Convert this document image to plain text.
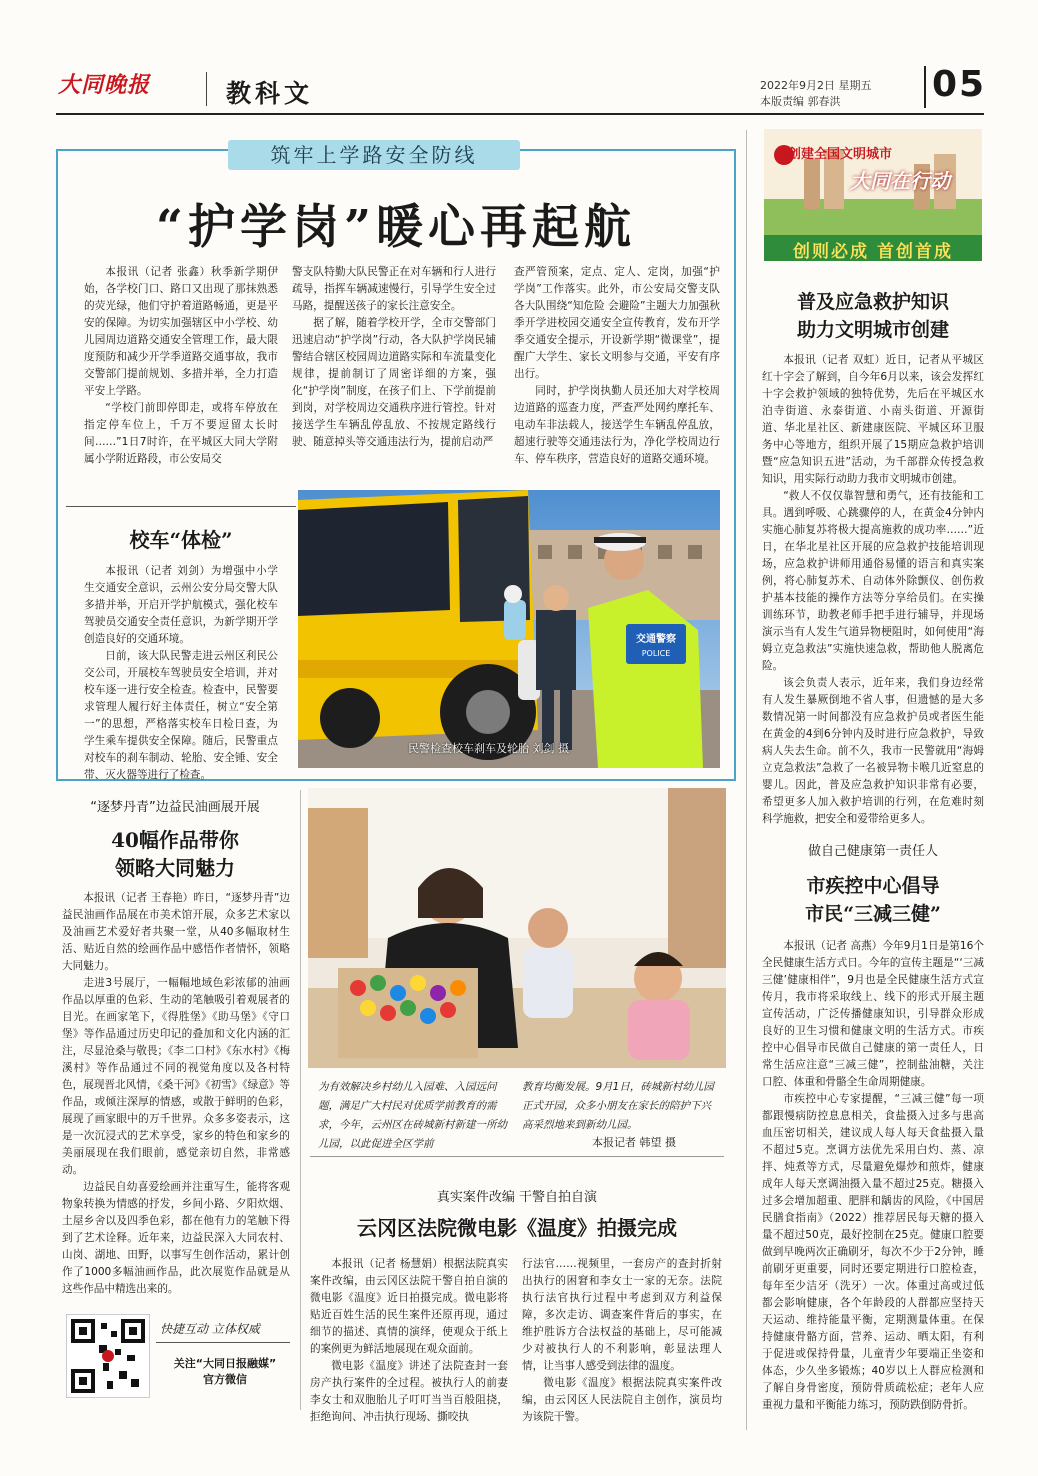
大同晚报	教科文	2022年9月2日 星期五
本版责编 郭春洪	05
筑牢上学路安全防线
“护学岗”暖心再起航

本报讯（记者 张鑫）秋季新学期伊始，各学校门口、路口又出现了那抹熟悉的荧光绿，他们守护着道路畅通，更是平安的保障。为切实加强辖区中小学校、幼儿园周边道路交通安全管理工作，最大限度预防和减少开学季道路交通事故，我市交警部门提前规划、多措并举，全力打造平安上学路。

“学校门前即停即走，或将车停放在指定停车位上，千万不要逗留太长时间……”1日7时许，在平城区大同大学附属小学附近路段，市公安局交

警支队特勤大队民警正在对车辆和行人进行疏导，指挥车辆减速慢行，引导学生安全过马路，提醒送孩子的家长注意安全。

据了解，随着学校开学，全市交警部门迅速启动“护学岗”行动，各大队护学岗民辅警结合辖区校园周边道路实际和车流量变化规律，提前制订了周密详细的方案，强化“护学岗”制度，在孩子们上、下学前提前到岗，对学校周边交通秩序进行管控。针对接送学生车辆乱停乱放、不按规定路线行驶、随意掉头等交通违法行为，提前启动严

查严管预案，定点、定人、定岗，加强“护学岗”工作落实。此外，市公安局交警支队各大队围绕“知危险 会避险”主题大力加强秋季开学进校园交通安全宣传教育，发布开学季交通安全提示，开设新学期“微课堂”，提醒广大学生、家长文明参与交通，平安有序出行。

同时，护学岗执勤人员还加大对学校周边道路的巡查力度，严查严处网约摩托车、电动车非法载人，接送学生车辆乱停乱放，超速行驶等交通违法行为，净化学校周边行车、停车秩序，营造良好的道路交通环境。

校车“体检”

本报讯（记者 刘剑）为增强中小学生交通安全意识，云州公安分局交警大队多措并举，开启开学护航模式，强化校车驾驶员交通安全责任意识，为新学期开学创造良好的交通环境。

日前，该大队民警走进云州区利民公交公司，开展校车驾驶员安全培训，并对校车逐一进行安全检查。检查中，民警要求管理人履行好主体责任，树立“安全第一”的思想，严格落实校车日检日查，为学生乘车提供安全保障。随后，民警重点对校车的刹车制动、轮胎、安全锤、安全带、灭火器等进行了检查。

交通警察
POLICE
民警检查校车刹车及轮胎 刘剑 摄
创建全国文明城市
大同在行动
创则必成 首创首成
普及应急救护知识
助力文明城市创建

本报讯（记者 双虹）近日，记者从平城区红十字会了解到，自今年6月以来，该会发挥红十字会救护领域的独特优势，先后在平城区水泊寺街道、永泰街道、小南头街道、开源街道、华北星社区、新建康医院、平城区环卫服务中心等地方，组织开展了15期应急救护培训暨“应急知识五进”活动，为千部群众传授急救知识，用实际行动助力我市文明城市创建。

“救人不仅仅靠智慧和勇气，还有技能和工具。遇到呼吸、心跳骤停的人，在黄金4分钟内实施心肺复苏将极大提高施救的成功率……”近日，在华北星社区开展的应急救护技能培训现场，应急救护讲师用通俗易懂的语言和真实案例，将心肺复苏术、自动体外除颤仪、创伤救护基本技能的操作方法等分享给员们。在实操训练环节，助教老师手把手进行辅导，并现场演示当有人发生气道异物梗阻时，如何使用“海姆立克急救法”实施快速急救，帮助他人脱离危险。

该会负责人表示，近年来，我们身边经常有人发生暴厥倒地不省人事，但遗憾的是大多数情况第一时间都没有应急救护员或者医生能在黄金的4到6分钟内及时进行应急救护，导致病人失去生命。前不久，我市一民警就用“海姆立克急救法”急救了一名被异物卡喉几近窒息的婴儿。因此，普及应急救护知识非常有必要，希望更多人加入救护培训的行列，在危难时刻科学施救，把安全和爱带给更多人。

“逐梦丹青”边益民油画展开展
40幅作品带你
领略大同魅力

本报讯（记者 王春艳）昨日，“逐梦丹青”边益民油画作品展在市美术馆开展，众多艺术家以及油画艺术爱好者共聚一堂，从40多幅取材生活、贴近自然的绘画作品中感悟作者情怀，领略大同魅力。

走进3号展厅，一幅幅地域色彩浓郁的油画作品以厚重的色彩、生动的笔触吸引着观展者的目光。在画家笔下，《得胜堡》《助马堡》《守口堡》等作品通过历史印记的叠加和文化内涵的汇注，尽显沧桑与敬畏；《李二口村》《东水村》《梅溪村》等作品通过不同的视觉角度以及各村特色，展现晋北风情，《桑干河》《初雪》《绿意》等作品，或倾注深厚的情感，或散于鲜明的色彩，展现了画家眼中的万千世界。众多多姿表示，这是一次沉浸式的艺术享受，家乡的特色和家乡的美丽展现在我们眼前，感觉亲切自然，非常感动。

边益民自幼喜爱绘画并注重写生，能将客观物象转换为情感的抒发，乡间小路、夕阳炊烟、土屋乡舍以及四季色彩，都在他有力的笔触下得到了艺术诠释。近年来，边益民深入大同农村、山岗、湖地、田野，以事写生创作活动，累计创作了1000多幅油画作品，此次展览作品就是从这些作品中精选出来的。

为有效解决乡村幼儿入园难、入园远问题，满足广大村民对优质学前教育的需求，今年，云州区在砖城新村新建一所幼儿园，以此促进全区学前
教育均衡发展。9月1日，砖城新村幼儿园正式开园，众多小朋友在家长的陪护下兴高采烈地来到新幼儿园。
本报记者 韩望 摄
真实案件改编 干警自拍自演
云冈区法院微电影《温度》拍摄完成

本报讯（记者 杨慧娟）根据法院真实案件改编，由云冈区法院干警自拍自演的微电影《温度》近日拍摄完成。微电影将贴近百姓生活的民生案件还原再现，通过细节的描述、真情的演绎，使观众于纸上的案例更为鲜活地展现在观众面前。

微电影《温度》讲述了法院查封一套房产执行案件的全过程。被执行人的前妻李女士和双胞胎儿子叮叮当当百般阻挠，拒绝询问、冲击执行现场、撕咬执

行法官……视频里，一套房产的查封折射出执行的困窘和李女士一家的无奈。法院执行法官执行过程中考虑到双方利益保障，多次走访、调查案件背后的事实，在维护胜诉方合法权益的基础上，尽可能减少对被执行人的不利影响，彰显法理人情，让当事人感受到法律的温度。

微电影《温度》根据法院真实案件改编，由云冈区人民法院自主创作，演员均为该院干警。

快捷互动 立体权威
关注“大同日报融媒”
官方微信
做自己健康第一责任人
市疾控中心倡导
市民“三减三健”

本报讯（记者 高燕）今年9月1日是第16个全民健康生活方式日。今年的宣传主题是“‘三减三健’健康相伴”，9月也是全民健康生活方式宣传月，我市将采取线上、线下的形式开展主题宣传活动，广泛传播健康知识，引导群众形成良好的卫生习惯和健康文明的生活方式。市疾控中心倡导市民做自己健康的第一责任人，日常生活应注意“三减三健”，控制盐油糖，关注口腔、体重和骨骼全生命周期健康。

市疾控中心专家提醒，“三减三健”每一项都跟慢病防控息息相关，食盐摄入过多与患高血压密切相关，建议成人每人每天食盐摄入量不超过5克。烹调方法优先采用白灼、蒸、凉拌、炖煮等方式，尽量避免爆炒和煎炸，健康成年人每天烹调油摄入量不超过25克。糖摄入过多会增加超重、肥胖和龋齿的风险，《中国居民膳食指南》（2022）推荐居民每天糖的摄入量不超过50克，最好控制在25克。健康口腔要做到早晚两次正确刷牙，每次不少于2分钟，睡前刷牙更重要，同时还要定期进行口腔检查，每年至少洁牙（洗牙）一次。体重过高或过低都会影响健康，各个年龄段的人群都应坚持天天运动、维持能量平衡，定期测量体重。在保持健康骨骼方面，营养、运动、晒太阳，有利于促进或保持骨量，儿童青少年要端正坐姿和体态，少久坐多锻炼；40岁以上人群应检测和了解自身骨密度，预防骨质疏松症；老年人应重视力量和平衡能力练习，预防跌倒防骨折。
